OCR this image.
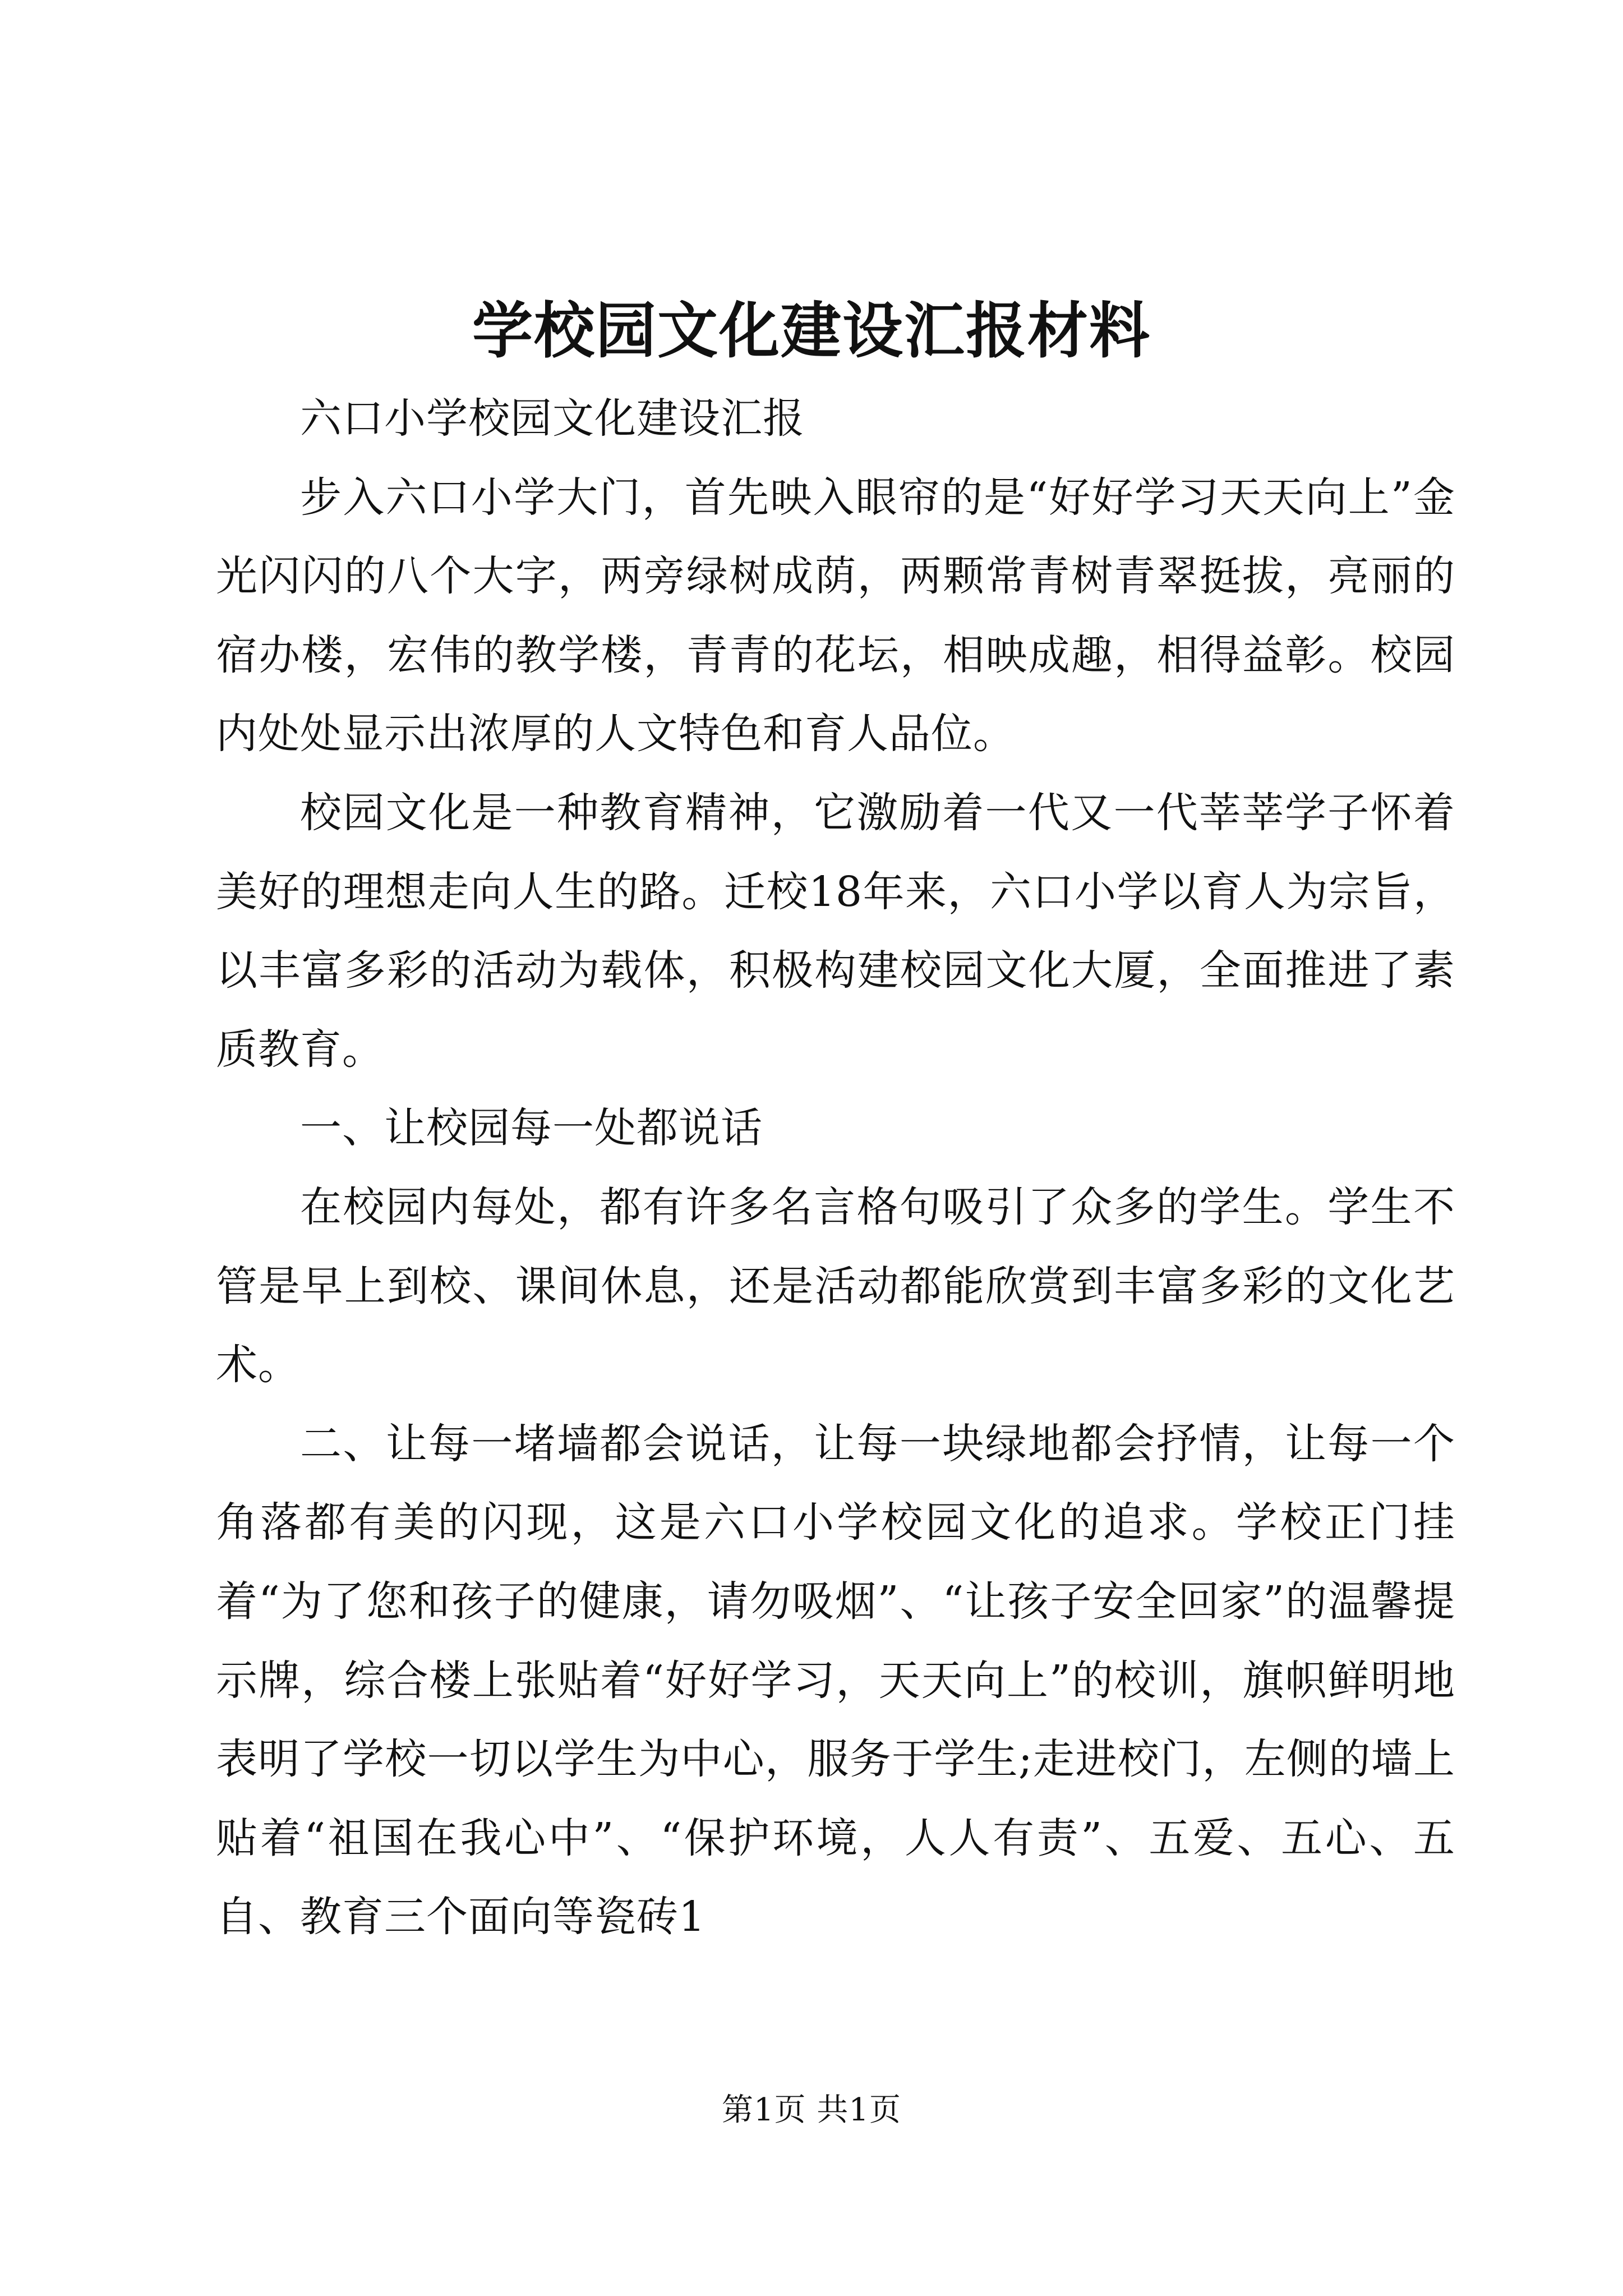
学校园文化建设汇报材料

六口小学校园文化建设汇报

步入六口小学大门，首先映入眼帘的是“好好学习天天向上”金光闪闪的八个大字，两旁绿树成荫，两颗常青树青翠挺拔，亮丽的宿办楼，宏伟的教学楼，青青的花坛，相映成趣，相得益彰。校园内处处显示出浓厚的人文特色和育人品位。

校园文化是一种教育精神，它激励着一代又一代莘莘学子怀着美好的理想走向人生的路。迁校18年来，六口小学以育人为宗旨，以丰富多彩的活动为载体，积极构建校园文化大厦，全面推进了素质教育。

一、让校园每一处都说话

在校园内每处，都有许多名言格句吸引了众多的学生。学生不管是早上到校、课间休息，还是活动都能欣赏到丰富多彩的文化艺术。

二、让每一堵墙都会说话，让每一块绿地都会抒情，让每一个角落都有美的闪现，这是六口小学校园文化的追求。学校正门挂着“为了您和孩子的健康，请勿吸烟”、“让孩子安全回家”的温馨提示牌，综合楼上张贴着“好好学习，天天向上”的校训，旗帜鲜明地表明了学校一切以学生为中心，服务于学生;走进校门，左侧的墙上贴着“祖国在我心中”、“保护环境，人人有责”、五爱、五心、五自、教育三个面向等瓷砖1

第1页 共1页
